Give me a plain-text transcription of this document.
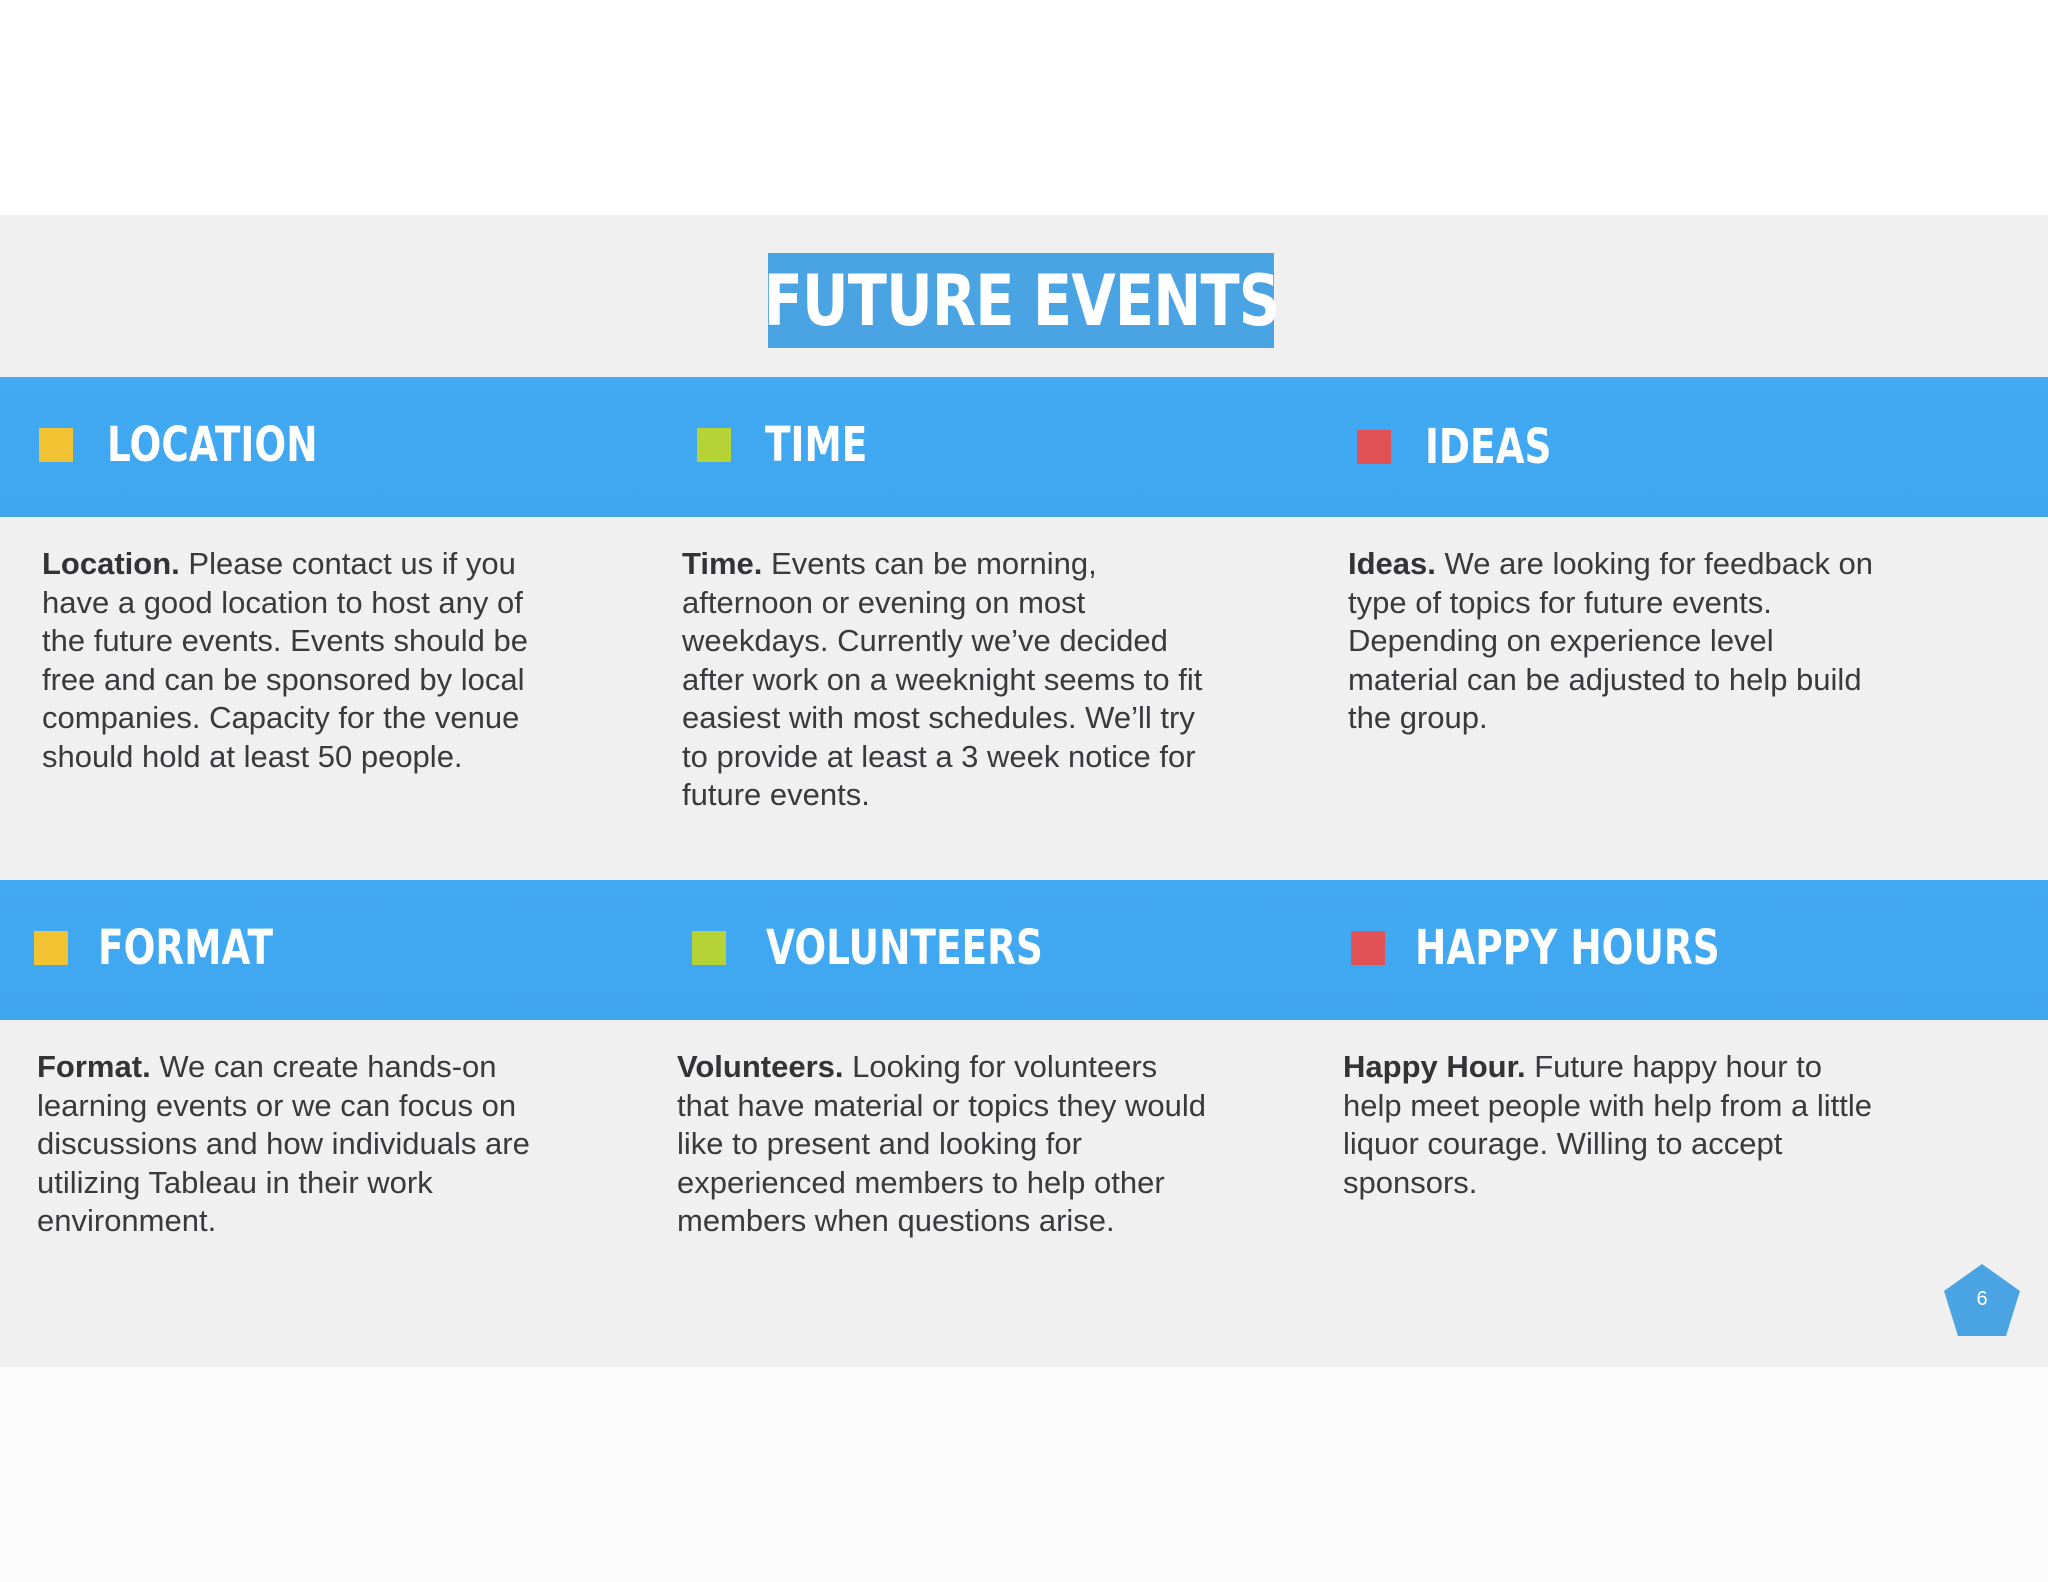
FUTURE EVENTS
LOCATION	TIME	IDEAS
FORMAT	VOLUNTEERS	HAPPY HOURS
Location. Please contact us if you have a good location to host any of the future events. Events should be free and can be sponsored by local companies. Capacity for the venue should hold at least 50 people.
Time. Events can be morning, afternoon or evening on most weekdays. Currently we’ve decided after work on a weeknight seems to fit easiest with most schedules. We’ll try to provide at least a 3 week notice for future events.
Ideas. We are looking for feedback on type of topics for future events. Depending on experience level material can be adjusted to help build the group.
Format. We can create hands-on learning events or we can focus on discussions and how individuals are utilizing Tableau in their work environment.
Volunteers. Looking for volunteers that have material or topics they would like to present and looking for experienced members to help other members when questions arise.
Happy Hour. Future happy hour to help meet people with help from a little liquor courage. Willing to accept sponsors.
6
